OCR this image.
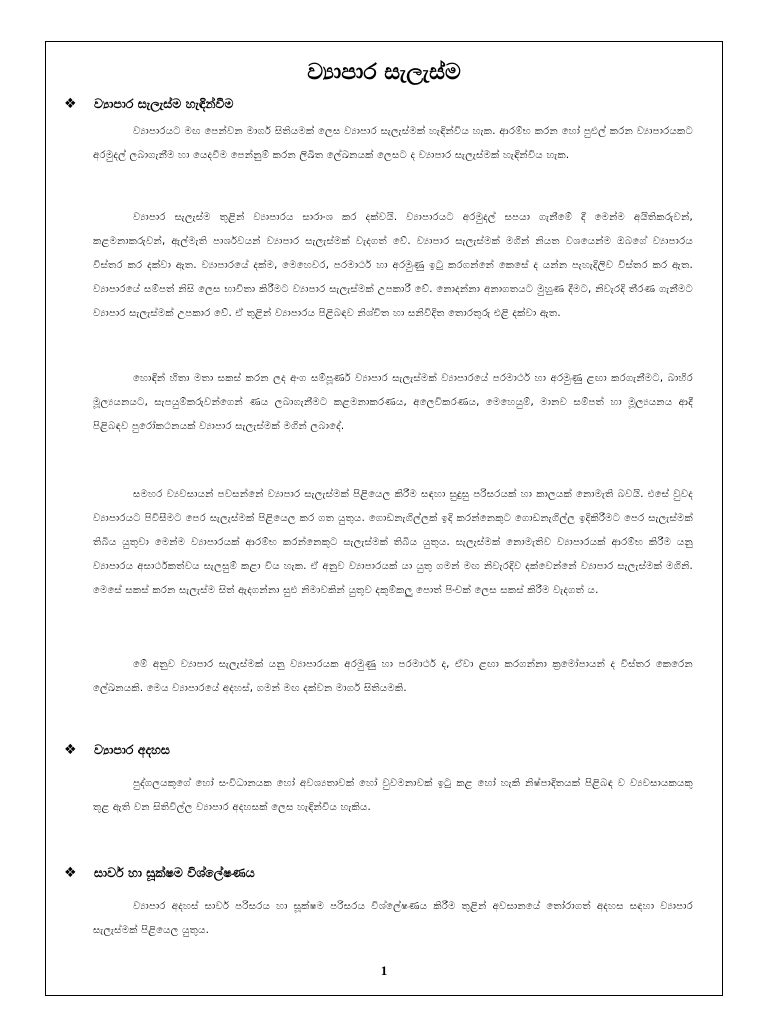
ව්‍යාපාර සැලැස්ම
❖ ව්‍යාපාර සැලැස්ම හැඳින්වීම
ව්‍යාපාරයට මඟ පෙන්වන මාර්ග සිතියමක් ලෙස ව්‍යාපාර සැලැස්මක් හැඳින්විය හැක. ආරම්භ කරන හෝ පුළුල් කරන ව්‍යාපාරයකට අරමුදල් ලබාගැනීම හා යෙදවීම පෙන්නුම් කරන ලිඛිත ලේඛනයක් ලෙසට ද ව්‍යාපාර සැලැස්මක් හැඳින්විය හැක.
ව්‍යාපාර සැලැස්ම තුළින් ව්‍යාපාරය සාරාංශ කර දක්වයි. ව්‍යාපාරයට අරමුදල් සපයා ගැනීමේ දී මෙන්ම අයිතිකරුවන්, කළමනාකරුවන්, ඇල්මැති පාර්ශවයන් ව්‍යාපාර සැලැස්මක් වැදගත් වේ. ව්‍යාපාර සැලැස්මක් මගින් නියත වශයෙන්ම ඔබගේ ව්‍යාපාරය විස්තර කර දක්වා ඇත. ව්‍යාපාරයේ දක්ම, මෙහෙවර, පරමාර්ථ හා අරමුණු ඉටු කරගන්නේ කෙසේ ද යන්න පැහැදිලිව විස්තර කර ඇත. ව්‍යාපාරයේ සම්පත් නිසි ලෙස භාවිතා කිරීමට ව්‍යාපාර සැලැස්මක් උපකාරී වේ. නොදන්නා අනාගතයට මුහුණ දීමට, නිවැරදි තීරණ ගැනීමට ව්‍යාපාර සැලැස්මක් උපකාර වේ. ඒ තුළින් ව්‍යාපාරය පිළිබඳව නිශ්චිත හා සනිවිදිත තොරතුරු එළි දක්වා ඇත.
හොඳින් හිතා මතා සකස් කරන ලද අංග සම්පූර්ණ ව්‍යාපාර සැලැස්මක් ව්‍යාපාරයේ පරමාර්ථ හා අරමුණු ළඟා කරගැනීමට, බාහිර මූල්‍යයනයට, සැපයුම්කරුවන්ගෙන් ණය ලබාගැනීමට කළමනාකරණය, අලෙවිකරණය, මෙහෙයුම්, මානව සම්පත් හා මූල්‍යයනය ආදී පිළිබඳව පුරෝකථනයක් ව්‍යාපාර සැලැස්මක් මගින් ලබාදේ.
සමහර ව්‍යවසායන් පවසන්නේ ව්‍යාපාර සැලැස්මක් පිළියෙල කිරීම සඳහා සුදුසු පරිසරයක් හා කාලයක් නොමැති බවයි. එසේ වුවද ව්‍යාපාරයට පිවිසීමට පෙර සැලැස්මක් පිළියෙල කර ගත යුතුය. ගොඩනැගිල්ලක් ඉදි කරන්නෙකුට ගොඩනැගිල්ල ඉදිකිරීමට පෙර සැලැස්මක් තිබිය යුතුවා මෙන්ම ව්‍යාපාරයක් ආරම්භ කරන්නෙකුට සැලැස්මක් තිබිය යුතුය. සැලැස්මක් නොමැතිව ව්‍යාපාරයක් ආරම්භ කිරීම යනු ව්‍යාපාරය අසාර්ථකත්වය සැලසුම් කළා විය හැක. ඒ අනුව ව්‍යාපාරයක් යා යුතු ගමන් මඟ නිවැරදිව දක්වෙන්නේ ව්‍යාපාර සැලැස්මක් මගිනි. මෙසේ සකස් කරන සැලැස්ම සිත් ඇදගන්නා සුළු නිමාවකින් යුතුව දකුම්කලු පොත් පිංචක් ලෙස සකස් කිරීම වැදගත් ය.
මේ අනුව ව්‍යාපාර සැලැස්මක් යනු ව්‍යාපාරයක අරමුණු හා පරමාර්ථ ද, ඒවා ළඟා කරගන්නා ක්‍රමෝපායන් ද විස්තර කෙරෙන ලේඛනයකි. මෙය ව්‍යාපාරයේ අදහස්, ගමන් මඟ දක්වන මාර්ග සිතියමකි.
❖ ව්‍යාපාර අදහස
පුද්ගලයකුගේ හෝ සංවිධානයක හෝ අවශ්‍යතාවක් හෝ වුවමනාවක් ඉටු කළ හෝ හැකි නිෂ්පාදිතයක් පිළිබඳ ව ව්‍යවසායකයකු තුළ ඇති වන සිතිවිල්ල ව්‍යාපාර අදහසක් ලෙස හැඳින්විය හැකිය.
❖ සාර්ව හා සූක්ෂම විශ්ලේෂණය
ව්‍යාපාර අදහස් සාර්ව පරිසරය හා සූක්ෂම පරිසරය විශ්ලේෂණය කිරීම තුළින් අවසානයේ තෝරාගත් අදහස සඳහා ව්‍යාපාර සැලැස්මක් පිළියෙල යුතුය.
1
